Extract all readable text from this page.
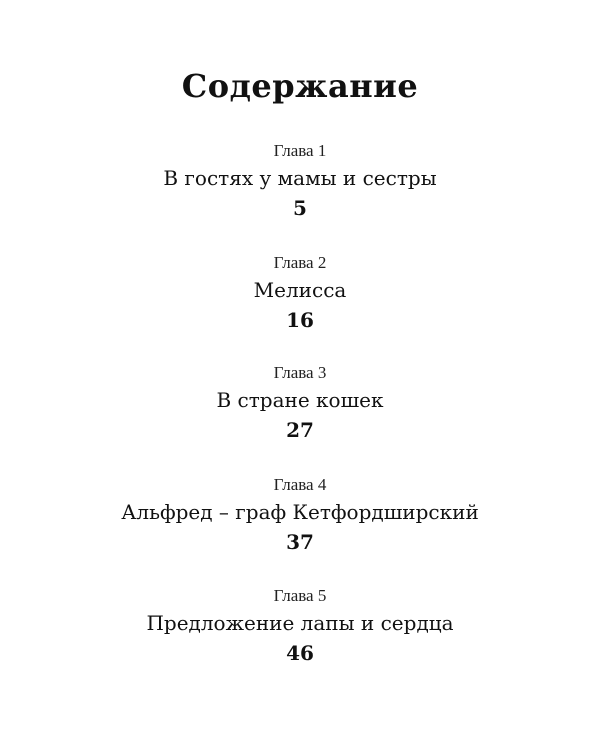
Содержание
Глава 1
В гостях у мамы и сестры
5
Глава 2
Мелисса
16
Глава 3
В стране кошек
27
Глава 4
Альфред – граф Кетфордширский
37
Глава 5
Предложение лапы и сердца
46
